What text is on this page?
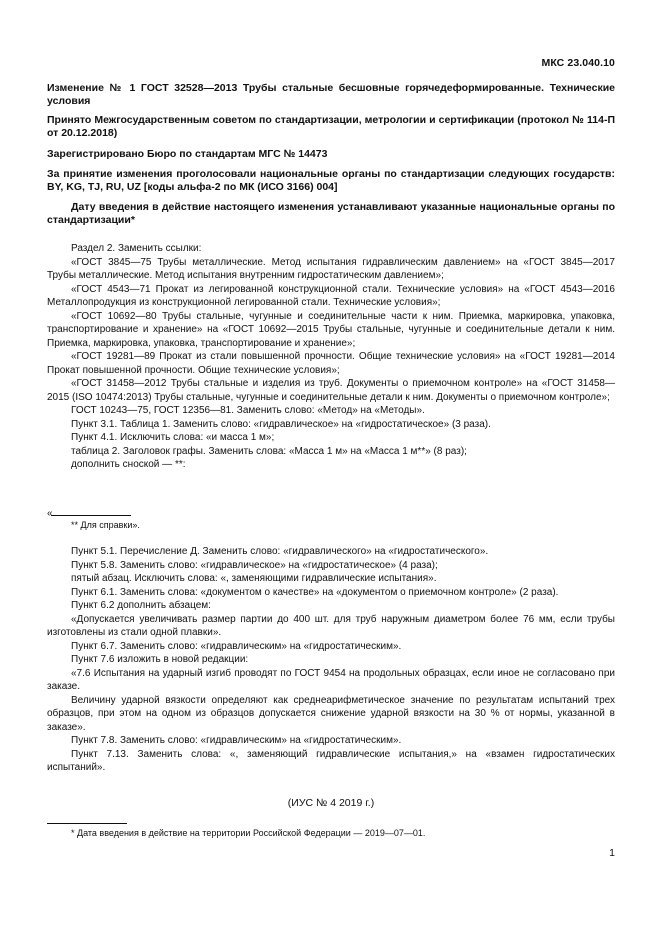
МКС 23.040.10
Изменение № 1 ГОСТ 32528—2013 Трубы стальные бесшовные горячедеформированные. Технические условия
Принято Межгосударственным советом по стандартизации, метрологии и сертификации (протокол № 114-П от 20.12.2018)
Зарегистрировано Бюро по стандартам МГС № 14473
За принятие изменения проголосовали национальные органы по стандартизации следующих государств: BY, KG, TJ, RU, UZ [коды альфа-2 по МК (ИСО 3166) 004]
Дату введения в действие настоящего изменения устанавливают указанные национальные органы по стандартизации*

Раздел 2. Заменить ссылки:

«ГОСТ 3845—75 Трубы металлические. Метод испытания гидравлическим давлением» на «ГОСТ 3845—2017 Трубы металлические. Метод испытания внутренним гидростатическим давлением»;

«ГОСТ 4543—71 Прокат из легированной конструкционной стали. Технические условия» на «ГОСТ 4543—2016 Металлопродукция из конструкционной легированной стали. Технические условия»;

«ГОСТ 10692—80 Трубы стальные, чугунные и соединительные части к ним. Приемка, маркировка, упаковка, транспортирование и хранение» на «ГОСТ 10692—2015 Трубы стальные, чугунные и соединительные детали к ним. Приемка, маркировка, упаковка, транспортирование и хранение»;

«ГОСТ 19281—89 Прокат из стали повышенной прочности. Общие технические условия» на «ГОСТ 19281—2014 Прокат повышенной прочности. Общие технические условия»;

«ГОСТ 31458—2012 Трубы стальные и изделия из труб. Документы о приемочном контроле» на «ГОСТ 31458—2015 (ISO 10474:2013) Трубы стальные, чугунные и соединительные детали к ним. Документы о приемочном контроле»;

ГОСТ 10243—75, ГОСТ 12356—81. Заменить слово: «Метод» на «Методы».

Пункт 3.1. Таблица 1. Заменить слово: «гидравлическое» на «гидростатическое» (3 раза).

Пункт 4.1. Исключить слова: «и масса 1 м»;

таблица 2. Заголовок графы. Заменить слова: «Масса 1 м» на «Масса 1 м**» (8 раз);

дополнить сноской — **:

«
** Для справки».

Пункт 5.1. Перечисление Д. Заменить слово: «гидравлического» на «гидростатического».

Пункт 5.8. Заменить слово: «гидравлическое» на «гидростатическое» (4 раза);

пятый абзац. Исключить слова: «, заменяющими гидравлические испытания».

Пункт 6.1. Заменить слова: «документом о качестве» на «документом о приемочном контроле» (2 раза).

Пункт 6.2 дополнить абзацем:

«Допускается увеличивать размер партии до 400 шт. для труб наружным диаметром более 76 мм, если трубы изготовлены из стали одной плавки».

Пункт 6.7. Заменить слово: «гидравлическим» на «гидростатическим».

Пункт 7.6 изложить в новой редакции:

«7.6 Испытания на ударный изгиб проводят по ГОСТ 9454 на продольных образцах, если иное не согласовано при заказе.

Величину ударной вязкости определяют как среднеарифметическое значение по результатам испытаний трех образцов, при этом на одном из образцов допускается снижение ударной вязкости на 30 % от нормы, указанной в заказе».

Пункт 7.8. Заменить слово: «гидравлическим» на «гидростатическим».

Пункт 7.13. Заменить слова: «, заменяющий гидравлические испытания,» на «взамен гидростатических испытаний».

(ИУС № 4 2019 г.)
* Дата введения в действие на территории Российской Федерации — 2019—07—01.
1
